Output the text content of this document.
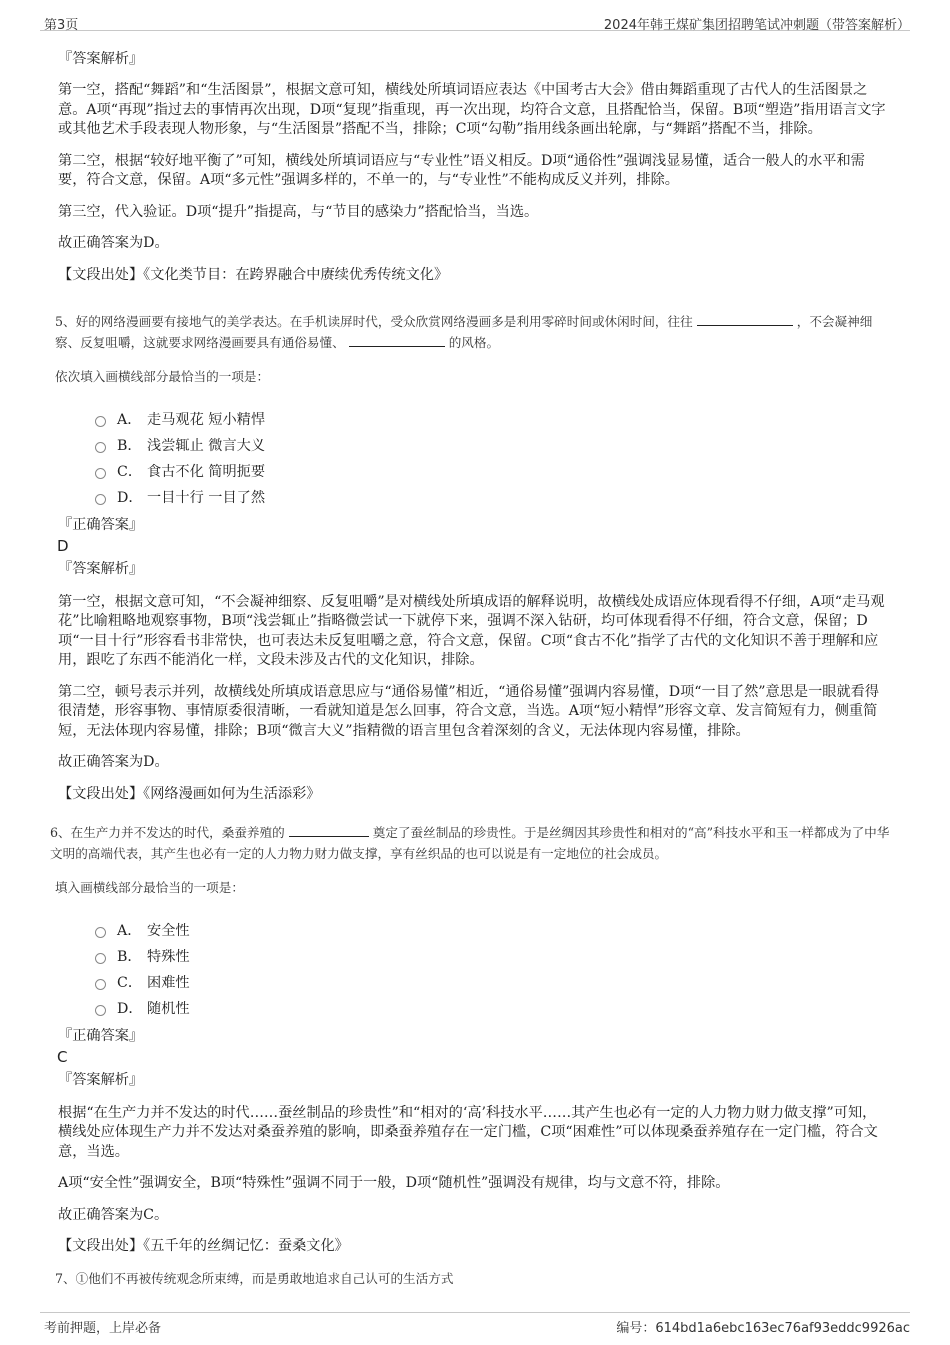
第3页	2024年韩王煤矿集团招聘笔试冲刺题（带答案解析）
『答案解析』
第一空，搭配“舞蹈”和“生活图景”，根据文意可知，横线处所填词语应表达《中国考古大会》借由舞蹈重现了古代人的生活图景之意。A项“再现”指过去的事情再次出现，D项“复现”指重现，再一次出现，均符合文意，且搭配恰当，保留。B项“塑造”指用语言文字或其他艺术手段表现人物形象，与“生活图景”搭配不当，排除；C项“勾勒”指用线条画出轮廓，与“舞蹈”搭配不当，排除。
第二空，根据“较好地平衡了”可知，横线处所填词语应与“专业性”语义相反。D项“通俗性”强调浅显易懂，适合一般人的水平和需要，符合文意，保留。A项“多元性”强调多样的，不单一的，与“专业性”不能构成反义并列，排除。
第三空，代入验证。D项“提升”指提高，与“节目的感染力”搭配恰当，当选。
故正确答案为D。
【文段出处】《文化类节目：在跨界融合中赓续优秀传统文化》
5、好的网络漫画要有接地气的美学表达。在手机读屏时代，受众欣赏网络漫画多是利用零碎时间或休闲时间，往往	，不会凝神细察、反复咀嚼，这就要求网络漫画要具有通俗易懂、	的风格。
依次填入画横线部分最恰当的一项是：
A． 走马观花 短小精悍
B． 浅尝辄止 微言大义
C． 食古不化 简明扼要
D． 一目十行 一目了然
『正确答案』
D
『答案解析』
第一空，根据文意可知，“不会凝神细察、反复咀嚼”是对横线处所填成语的解释说明，故横线处成语应体现看得不仔细，A项“走马观花”比喻粗略地观察事物，B项“浅尝辄止”指略微尝试一下就停下来，强调不深入钻研，均可体现看得不仔细，符合文意，保留；D项“一目十行”形容看书非常快，也可表达未反复咀嚼之意，符合文意，保留。C项“食古不化”指学了古代的文化知识不善于理解和应用，跟吃了东西不能消化一样，文段未涉及古代的文化知识，排除。
第二空，顿号表示并列，故横线处所填成语意思应与“通俗易懂”相近，“通俗易懂”强调内容易懂，D项“一目了然”意思是一眼就看得很清楚，形容事物、事情原委很清晰，一看就知道是怎么回事，符合文意，当选。A项“短小精悍”形容文章、发言简短有力，侧重简短，无法体现内容易懂，排除；B项“微言大义”指精微的语言里包含着深刻的含义，无法体现内容易懂，排除。
故正确答案为D。
【文段出处】《网络漫画如何为生活添彩》
6、在生产力并不发达的时代，桑蚕养殖的	奠定了蚕丝制品的珍贵性。于是丝绸因其珍贵性和相对的“高”科技水平和玉一样都成为了中华文明的高端代表，其产生也必有一定的人力物力财力做支撑，享有丝织品的也可以说是有一定地位的社会成员。
填入画横线部分最恰当的一项是：
A． 安全性
B． 特殊性
C． 困难性
D． 随机性
『正确答案』
C
『答案解析』
根据“在生产力并不发达的时代……蚕丝制品的珍贵性”和“相对的‘高’科技水平……其产生也必有一定的人力物力财力做支撑”可知，横线处应体现生产力并不发达对桑蚕养殖的影响，即桑蚕养殖存在一定门槛，C项“困难性”可以体现桑蚕养殖存在一定门槛，符合文意，当选。
A项“安全性”强调安全，B项“特殊性”强调不同于一般，D项“随机性”强调没有规律，均与文意不符，排除。
故正确答案为C。
【文段出处】《五千年的丝绸记忆：蚕桑文化》
7、①他们不再被传统观念所束缚，而是勇敢地追求自己认可的生活方式
考前押题，上岸必备	编号：614bd1a6ebc163ec76af93eddc9926ac
